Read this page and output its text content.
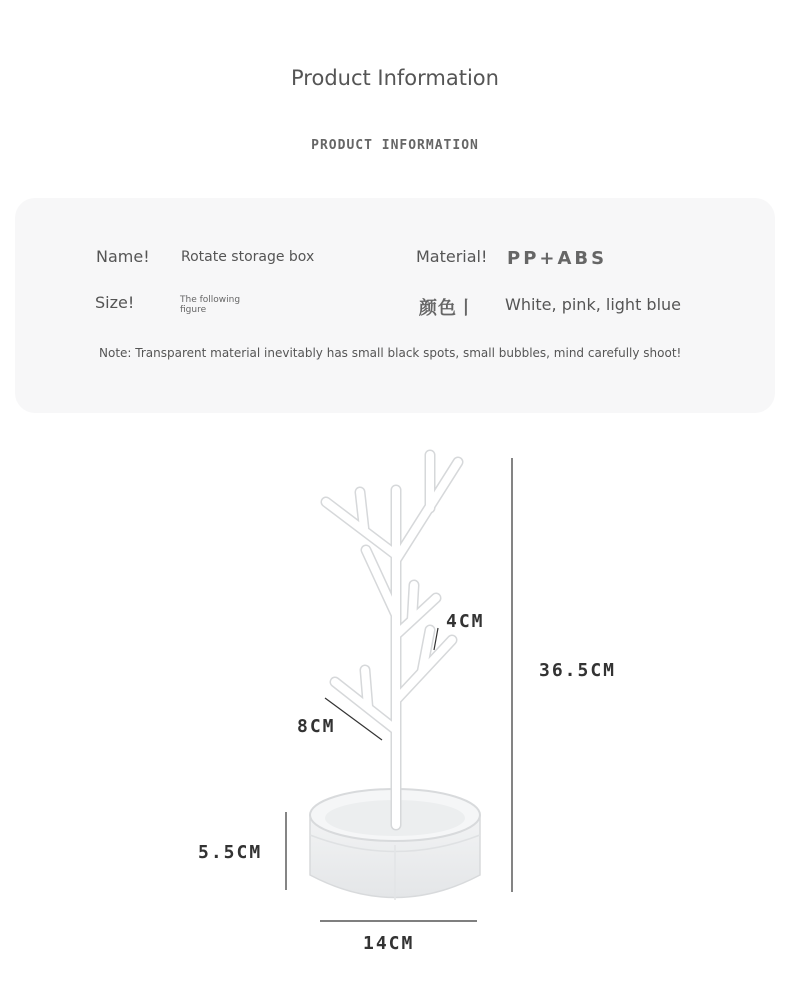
Product Information
PRODUCT INFORMATION
Name! Rotate storage box
Size!	The following
figure
Material! PP+ABS
颜色丨 White, pink, light blue
Note: Transparent material inevitably has small black spots, small bubbles, mind carefully shoot!
36.5CM
4CM
8CM
5.5CM
14CM
